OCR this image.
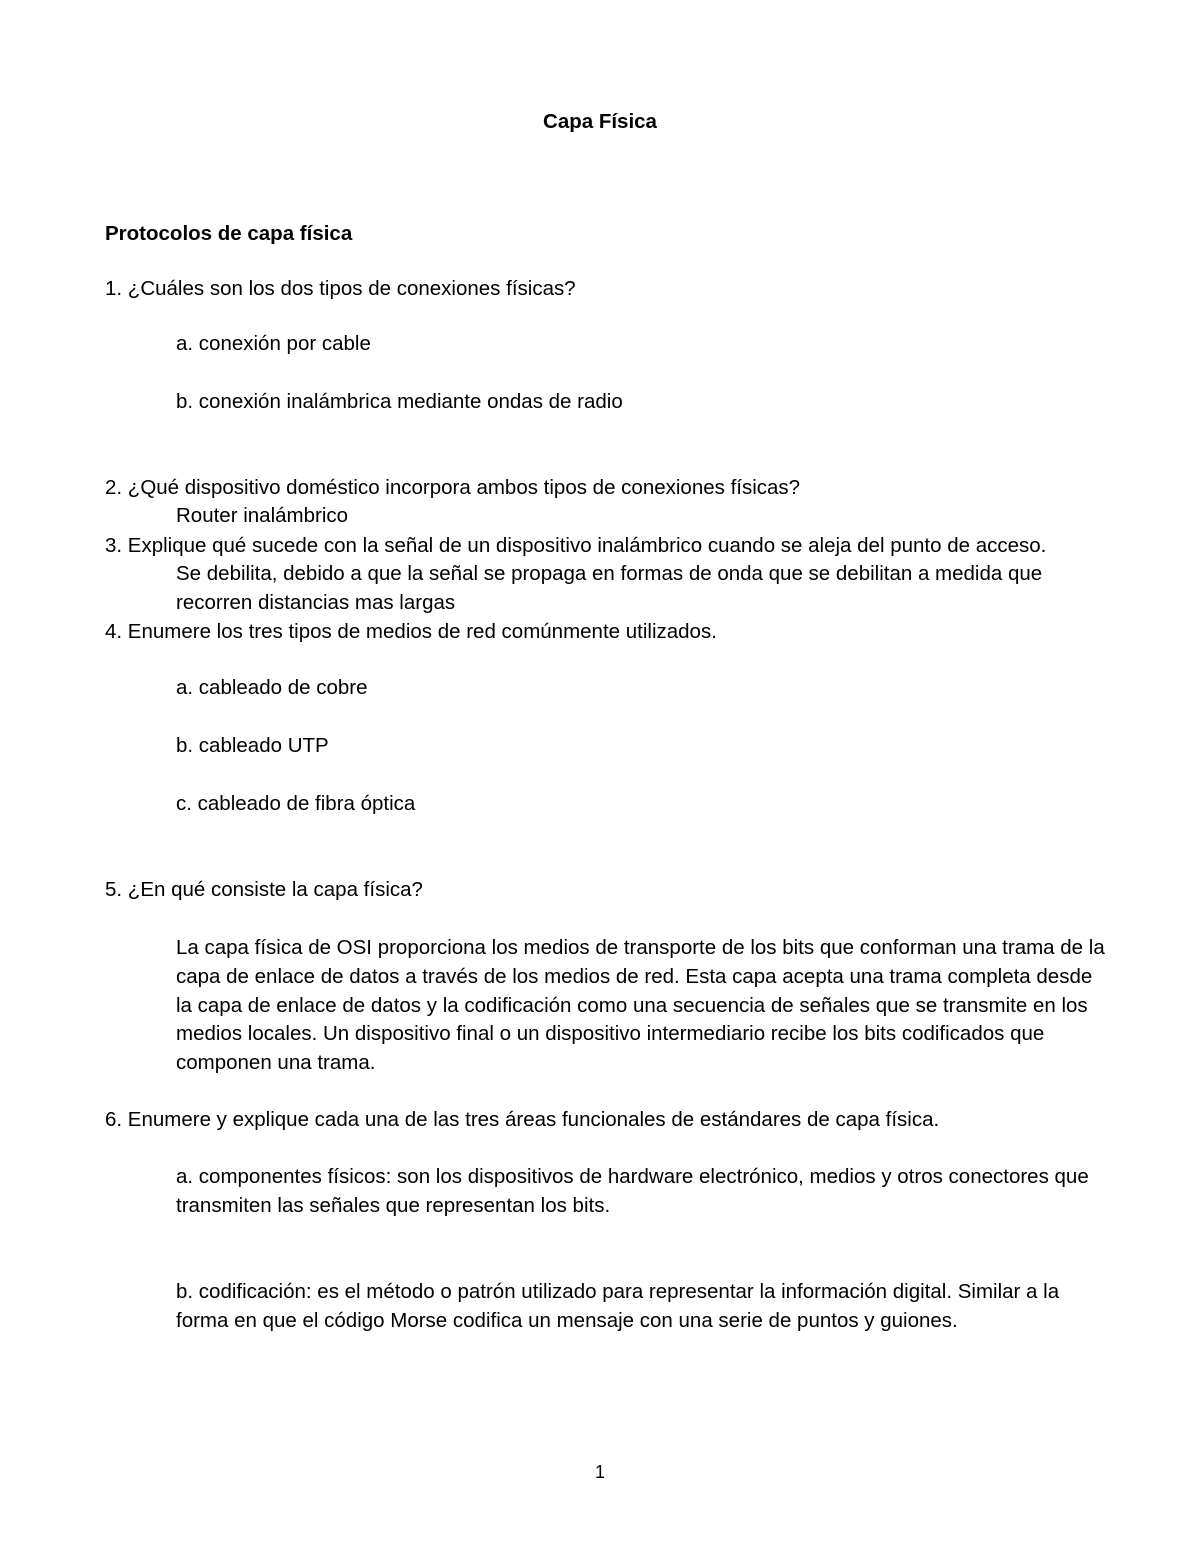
Capa Física
Protocolos de capa física
1. ¿Cuáles son los dos tipos de conexiones físicas?
a. conexión por cable
b. conexión inalámbrica mediante ondas de radio
2. ¿Qué dispositivo doméstico incorpora ambos tipos de conexiones físicas?
Router inalámbrico
3. Explique qué sucede con la señal de un dispositivo inalámbrico cuando se aleja del punto de acceso.
Se debilita, debido a que la señal se propaga en formas de onda que se debilitan a medida que recorren distancias mas largas
4. Enumere los tres tipos de medios de red comúnmente utilizados.
a. cableado de cobre
b. cableado UTP
c. cableado de fibra óptica
5. ¿En qué consiste la capa física?
La capa física de OSI proporciona los medios de transporte de los bits que conforman una trama de la capa de enlace de datos a través de los medios de red. Esta capa acepta una trama completa desde la capa de enlace de datos y la codificación como una secuencia de señales que se transmite en los medios locales. Un dispositivo final o un dispositivo intermediario recibe los bits codificados que componen una trama.
6. Enumere y explique cada una de las tres áreas funcionales de estándares de capa física.
a. componentes físicos: son los dispositivos de hardware electrónico, medios y otros conectores que transmiten las señales que representan los bits.
b. codificación: es el método o patrón utilizado para representar la información digital. Similar a la forma en que el código Morse codifica un mensaje con una serie de puntos y guiones.
1
